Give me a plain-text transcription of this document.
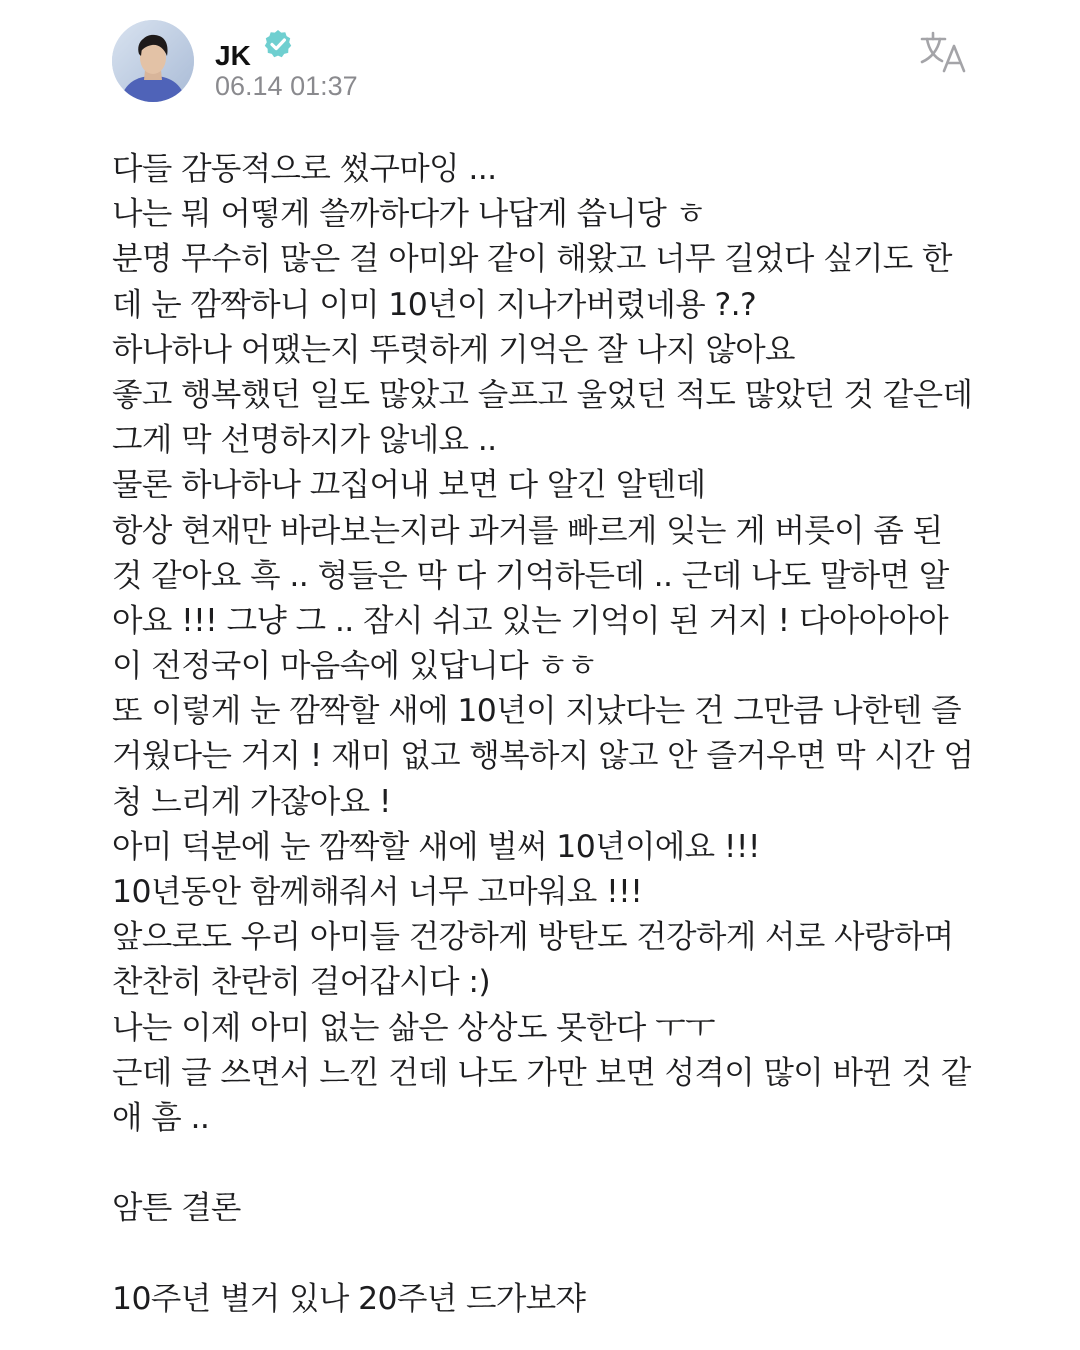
JK
06.14 01:37
다들 감동적으로 썼구마잉 ...
나는 뭐 어떻게 쓸까하다가 나답게 씁니당 ㅎ
분명 무수히 많은 걸 아미와 같이 해왔고 너무 길었다 싶기도 한
데 눈 깜짝하니 이미 10년이 지나가버렸네용 ?.?
하나하나 어땠는지 뚜렷하게 기억은 잘 나지 않아요
좋고 행복했던 일도 많았고 슬프고 울었던 적도 많았던 것 같은데
그게 막 선명하지가 않네요 ..
물론 하나하나 끄집어내 보면 다 알긴 알텐데
항상 현재만 바라보는지라 과거를 빠르게 잊는 게 버릇이 좀 된
것 같아요 흑 .. 형들은 막 다 기억하든데 .. 근데 나도 말하면 알
아요 !!! 그냥 그 .. 잠시 쉬고 있는 기억이 된 거지 ! 다아아아아
이 전정국이 마음속에 있답니다 ㅎㅎ
또 이렇게 눈 깜짝할 새에 10년이 지났다는 건 그만큼 나한텐 즐
거웠다는 거지 ! 재미 없고 행복하지 않고 안 즐거우면 막 시간 엄
청 느리게 가잖아요 !
아미 덕분에 눈 깜짝할 새에 벌써 10년이에요 !!!
10년동안 함께해줘서 너무 고마워요 !!!
앞으로도 우리 아미들 건강하게 방탄도 건강하게 서로 사랑하며
찬찬히 찬란히 걸어갑시다 :)
나는 이제 아미 없는 삶은 상상도 못한다 ㅜㅜ
근데 글 쓰면서 느낀 건데 나도 가만 보면 성격이 많이 바뀐 것 같
애 흠 ..
암튼 결론
10주년 별거 있나 20주년 드가보쟈
